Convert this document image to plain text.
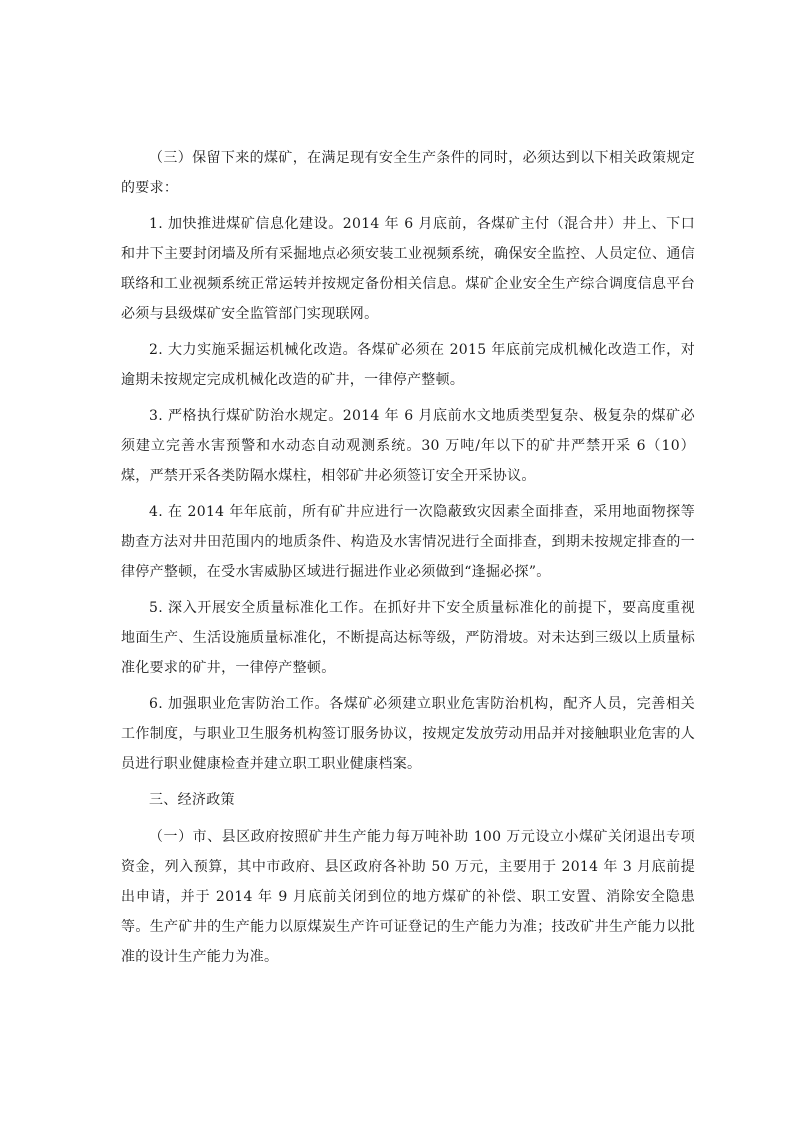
（三）保留下来的煤矿，在满足现有安全生产条件的同时，必须达到以下相关政策规定的要求：

1. 加快推进煤矿信息化建设。2014 年 6 月底前，各煤矿主付（混合井）井上、下口和井下主要封闭墙及所有采掘地点必须安装工业视频系统，确保安全监控、人员定位、通信联络和工业视频系统正常运转并按规定备份相关信息。煤矿企业安全生产综合调度信息平台必须与县级煤矿安全监管部门实现联网。

2. 大力实施采掘运机械化改造。各煤矿必须在 2015 年底前完成机械化改造工作，对逾期未按规定完成机械化改造的矿井，一律停产整顿。

3. 严格执行煤矿防治水规定。2014 年 6 月底前水文地质类型复杂、极复杂的煤矿必须建立完善水害预警和水动态自动观测系统。30 万吨/年以下的矿井严禁开采 6（10）煤，严禁开采各类防隔水煤柱，相邻矿井必须签订安全开采协议。

4. 在 2014 年年底前，所有矿井应进行一次隐蔽致灾因素全面排查，采用地面物探等勘查方法对井田范围内的地质条件、构造及水害情况进行全面排查，到期未按规定排查的一律停产整顿，在受水害威胁区域进行掘进作业必须做到“逢掘必探”。

5. 深入开展安全质量标准化工作。在抓好井下安全质量标准化的前提下，要高度重视地面生产、生活设施质量标准化，不断提高达标等级，严防滑坡。对未达到三级以上质量标准化要求的矿井，一律停产整顿。

6. 加强职业危害防治工作。各煤矿必须建立职业危害防治机构，配齐人员，完善相关工作制度，与职业卫生服务机构签订服务协议，按规定发放劳动用品并对接触职业危害的人员进行职业健康检查并建立职工职业健康档案。

三、经济政策

（一）市、县区政府按照矿井生产能力每万吨补助 100 万元设立小煤矿关闭退出专项资金，列入预算，其中市政府、县区政府各补助 50 万元，主要用于 2014 年 3 月底前提出申请，并于 2014 年 9 月底前关闭到位的地方煤矿的补偿、职工安置、消除安全隐患等。生产矿井的生产能力以原煤炭生产许可证登记的生产能力为准；技改矿井生产能力以批准的设计生产能力为准。
